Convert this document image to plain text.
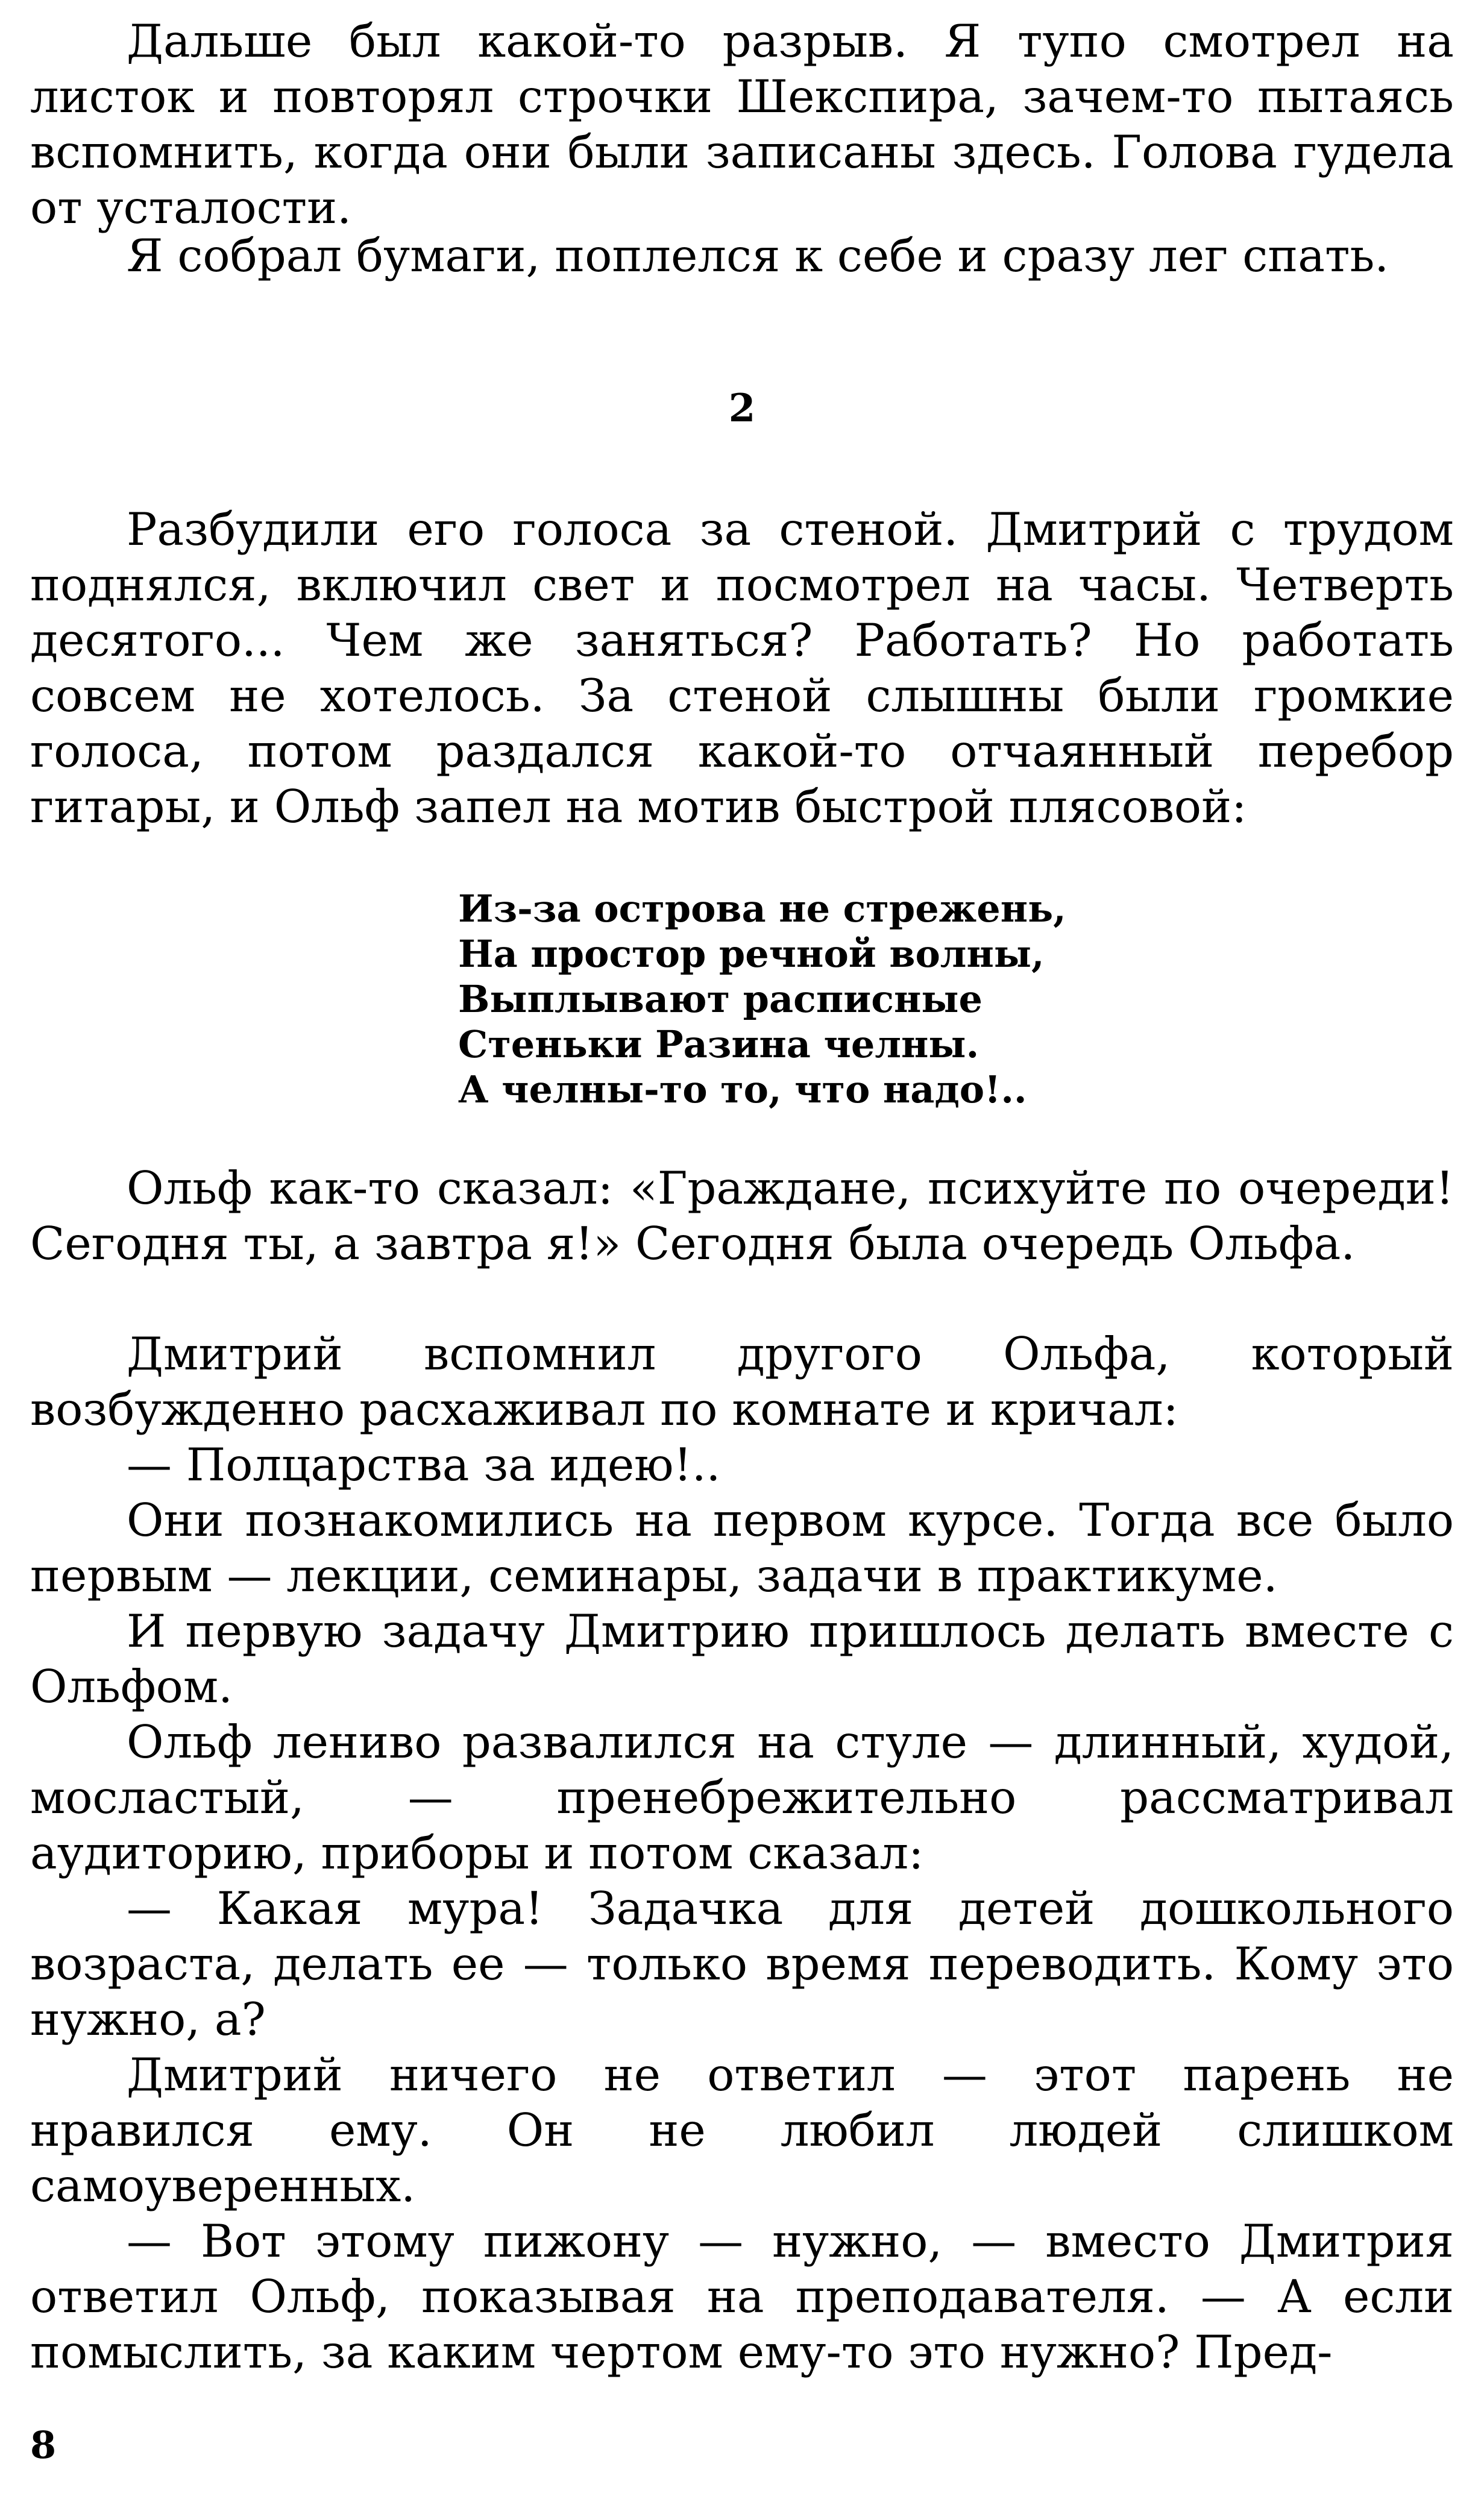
Дальше был какой-то разрыв. Я тупо смотрел на листок и повторял строчки Шекспира, зачем-то пытаясь вспомнить, когда они были записаны здесь. Голова гудела от усталости.

Я собрал бумаги, поплелся к себе и сразу лег спать.

2

Разбудили его голоса за стеной. Дмитрий с трудом поднялся, включил свет и посмотрел на часы. Четверть десятого... Чем же заняться? Работать? Но работать совсем не хотелось. За стеной слышны были громкие голоса, потом раздался какой-то отчаянный перебор гитары, и Ольф запел на мотив быстрой плясовой:

Из-за острова не стрежень,
На простор речной волны,
Выплывают расписные
Стеньки Разина челны.
А челны-то то, что надо!..

Ольф как-то сказал: «Граждане, психуйте по очереди! Сегодня ты, а завтра я!» Сегодня была очередь Ольфа.

Дмитрий вспомнил другого Ольфа, который возбужденно расхаживал по комнате и кричал:

— Полцарства за идею!..

Они познакомились на первом курсе. Тогда все было первым — лекции, семинары, задачи в практикуме.

И первую задачу Дмитрию пришлось делать вместе с Ольфом.

Ольф лениво развалился на стуле — длинный, худой, мосластый, — пренебрежительно рассматривал аудиторию, приборы и потом сказал:

— Какая мура! Задачка для детей дошкольного возраста, делать ее — только время переводить. Кому это нужно, а?

Дмитрий ничего не ответил — этот парень не нравился ему. Он не любил людей слишком самоуверенных.

— Вот этому пижону — нужно, — вместо Дмитрия ответил Ольф, показывая на преподавателя. — А если помыслить, за каким чертом ему-то это нужно? Пред-

8
